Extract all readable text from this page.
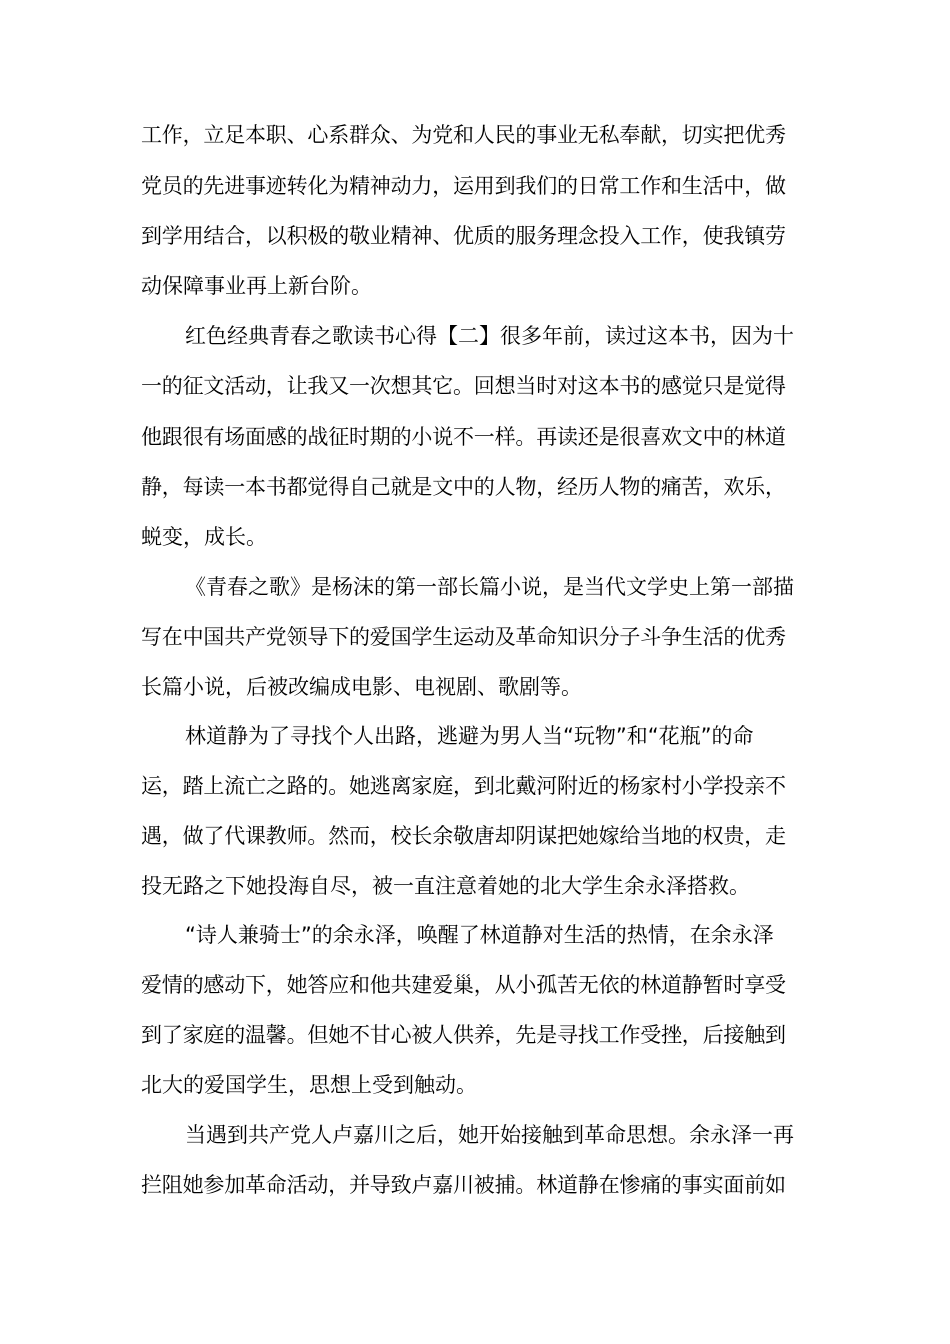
工作，立足本职、心系群众、为党和人民的事业无私奉献，切实把优秀

党员的先进事迹转化为精神动力，运用到我们的日常工作和生活中，做

到学用结合，以积极的敬业精神、优质的服务理念投入工作，使我镇劳

动保障事业再上新台阶。

红色经典青春之歌读书心得【二】很多年前，读过这本书，因为十

一的征文活动，让我又一次想其它。回想当时对这本书的感觉只是觉得

他跟很有场面感的战征时期的小说不一样。再读还是很喜欢文中的林道

静，每读一本书都觉得自己就是文中的人物，经历人物的痛苦，欢乐，

蜕变，成长。

《青春之歌》是杨沫的第一部长篇小说，是当代文学史上第一部描

写在中国共产党领导下的爱国学生运动及革命知识分子斗争生活的优秀

长篇小说，后被改编成电影、电视剧、歌剧等。

林道静为了寻找个人出路，逃避为男人当“玩物”和“花瓶”的命

运，踏上流亡之路的。她逃离家庭，到北戴河附近的杨家村小学投亲不

遇，做了代课教师。然而，校长余敬唐却阴谋把她嫁给当地的权贵，走

投无路之下她投海自尽，被一直注意着她的北大学生余永泽搭救。

“诗人兼骑士”的余永泽，唤醒了林道静对生活的热情，在余永泽

爱情的感动下，她答应和他共建爱巢，从小孤苦无依的林道静暂时享受

到了家庭的温馨。但她不甘心被人供养，先是寻找工作受挫，后接触到

北大的爱国学生，思想上受到触动。

当遇到共产党人卢嘉川之后，她开始接触到革命思想。余永泽一再

拦阻她参加革命活动，并导致卢嘉川被捕。林道静在惨痛的事实面前如
